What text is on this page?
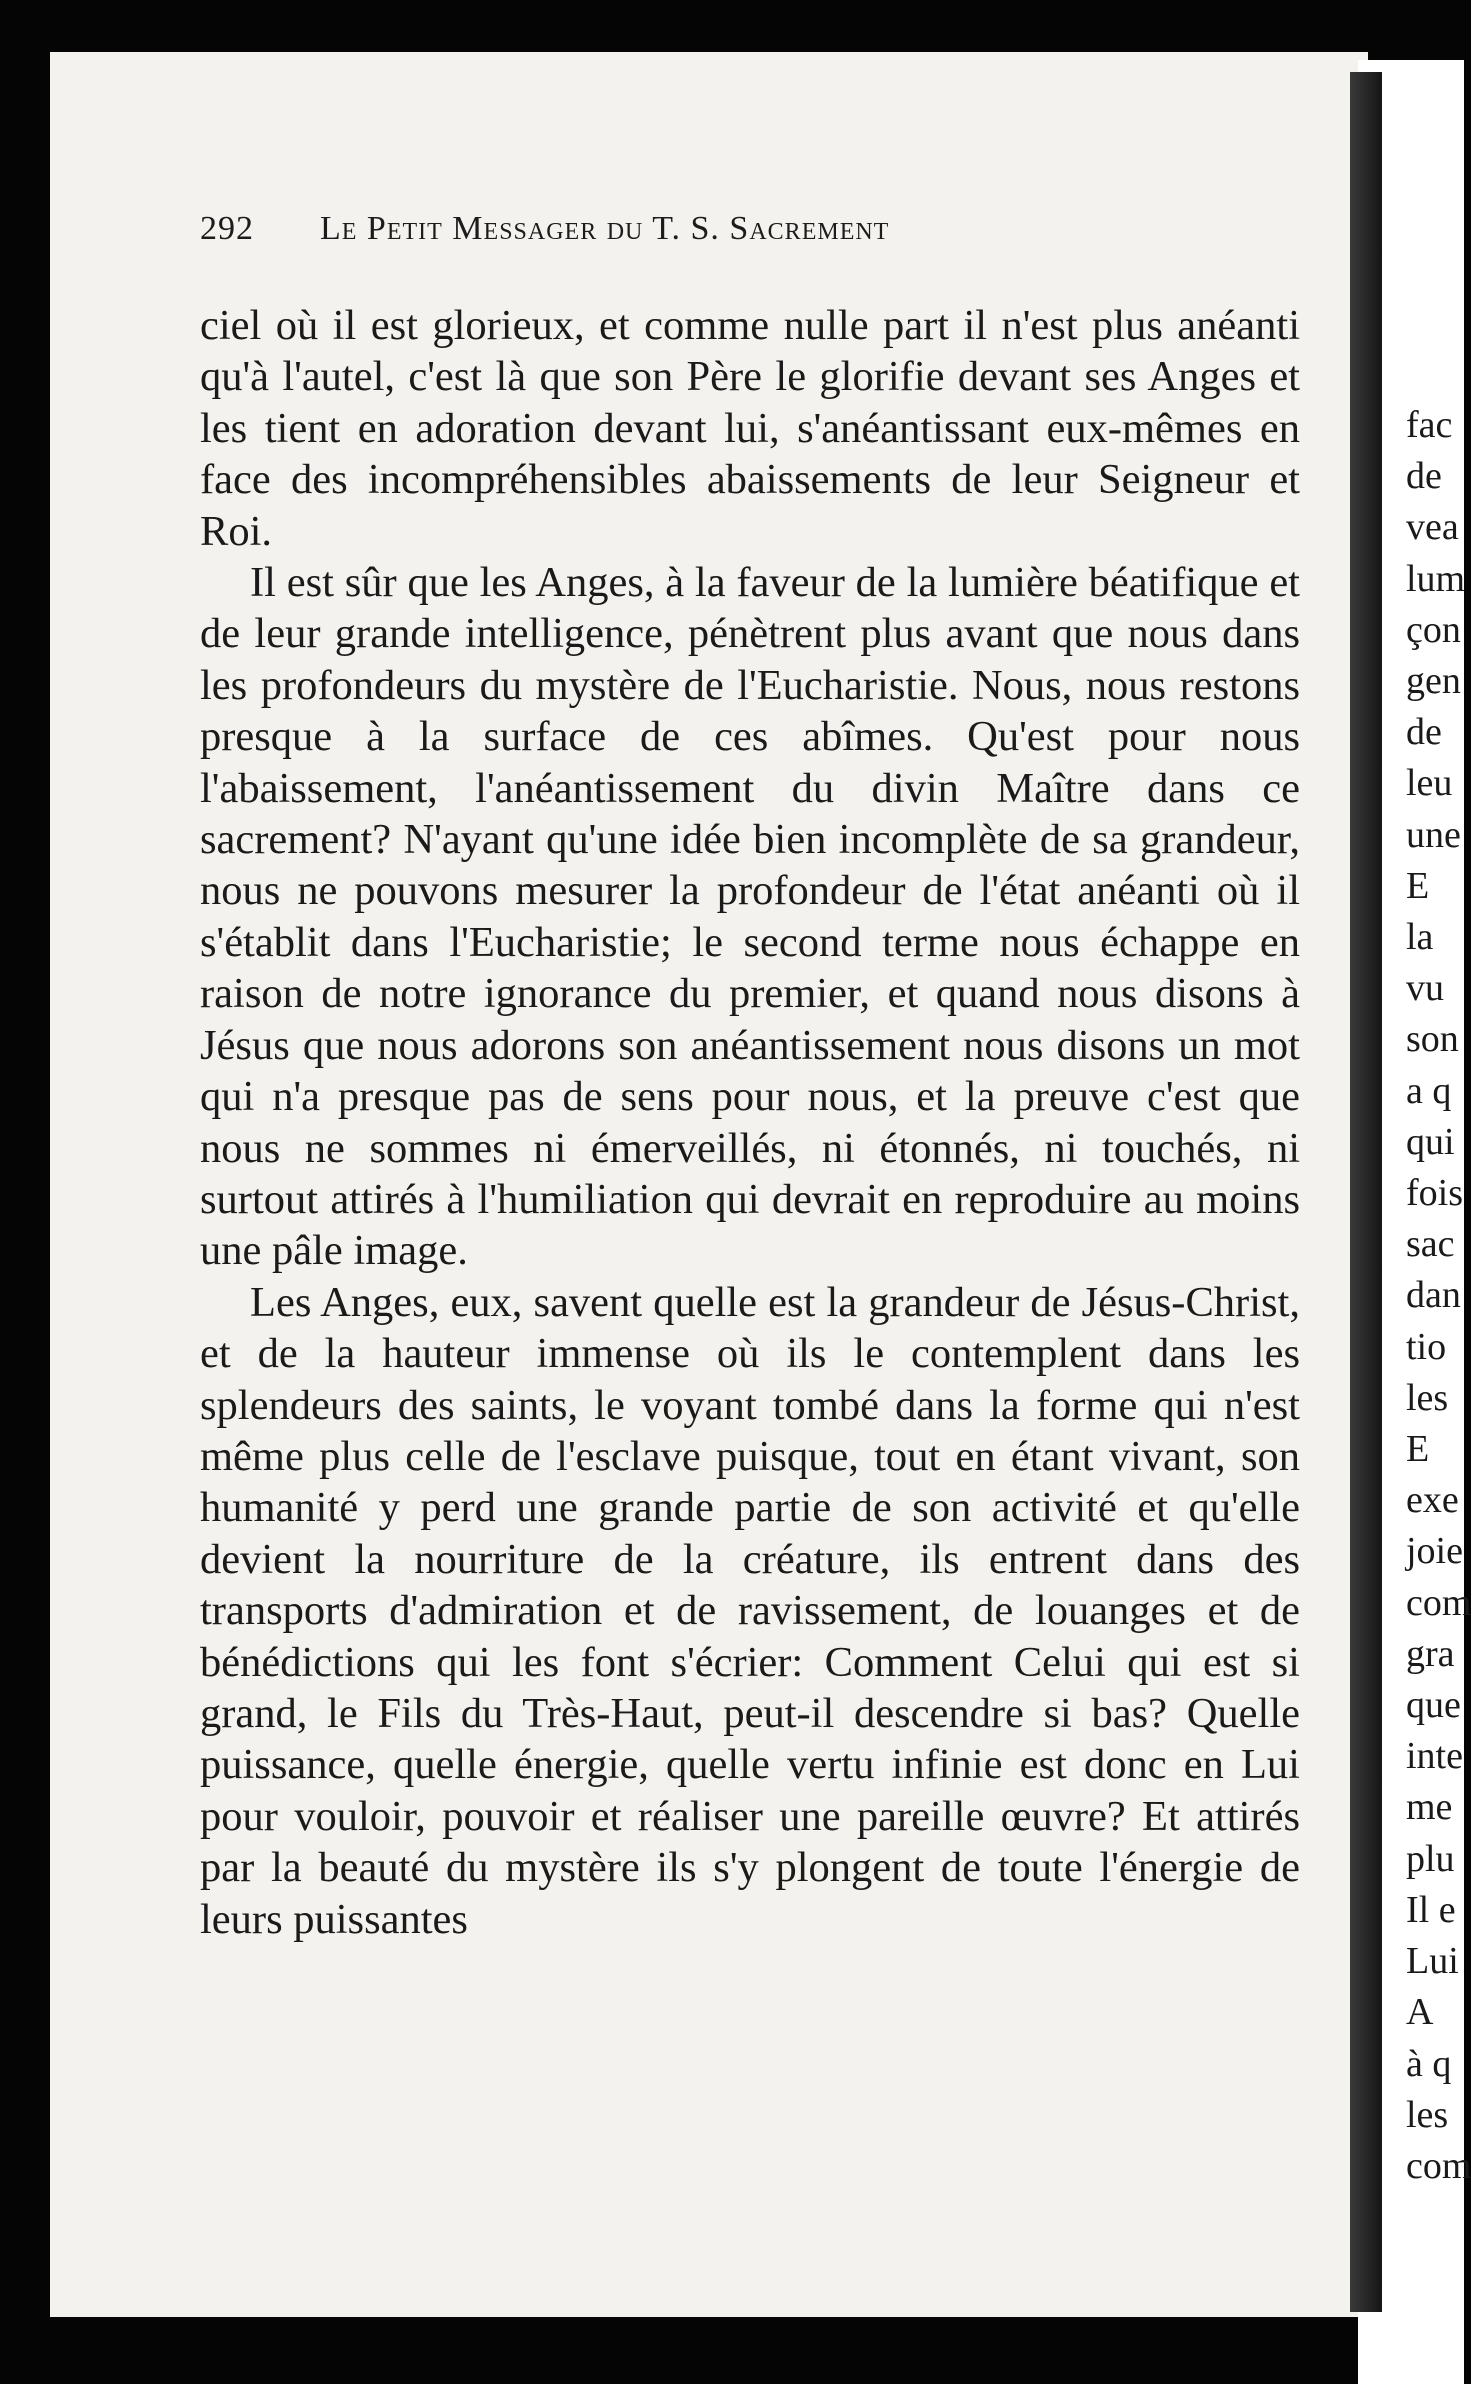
292 Le Petit Messager du T. S. Sacrement

ciel où il est glorieux, et comme nulle part il n'est plus anéanti qu'à l'autel, c'est là que son Père le glorifie devant ses Anges et les tient en adoration devant lui, s'anéantissant eux-mêmes en face des incompréhensibles abaissements de leur Seigneur et Roi.

Il est sûr que les Anges, à la faveur de la lumière béatifique et de leur grande intelligence, pénètrent plus avant que nous dans les profondeurs du mystère de l'Eucharistie. Nous, nous restons presque à la surface de ces abîmes. Qu'est pour nous l'abaissement, l'anéantissement du divin Maître dans ce sacrement? N'ayant qu'une idée bien incomplète de sa grandeur, nous ne pouvons mesurer la profondeur de l'état anéanti où il s'établit dans l'Eucharistie; le second terme nous échappe en raison de notre ignorance du premier, et quand nous disons à Jésus que nous adorons son anéantissement nous disons un mot qui n'a presque pas de sens pour nous, et la preuve c'est que nous ne sommes ni émerveillés, ni étonnés, ni touchés, ni surtout attirés à l'humiliation qui devrait en reproduire au moins une pâle image.

Les Anges, eux, savent quelle est la grandeur de Jésus-Christ, et de la hauteur immense où ils le contemplent dans les splendeurs des saints, le voyant tombé dans la forme qui n'est même plus celle de l'esclave puisque, tout en étant vivant, son humanité y perd une grande partie de son activité et qu'elle devient la nourriture de la créature, ils entrent dans des transports d'admiration et de ravissement, de louanges et de bénédictions qui les font s'écrier: Comment Celui qui est si grand, le Fils du Très-Haut, peut-il descendre si bas? Quelle puissance, quelle énergie, quelle vertu infinie est donc en Lui pour vouloir, pouvoir et réaliser une pareille œuvre? Et attirés par la beauté du mystère ils s'y plongent de toute l'énergie de leurs puissantes

fac
de
vea
lum
çon
gen
de
leu
une
E
la
vu
son
a q
qui
fois
sac
dan
tio
les
E
exe
joie
com
gra
que
inte
me
plu
Il e
Lui
A
à q
les
com
